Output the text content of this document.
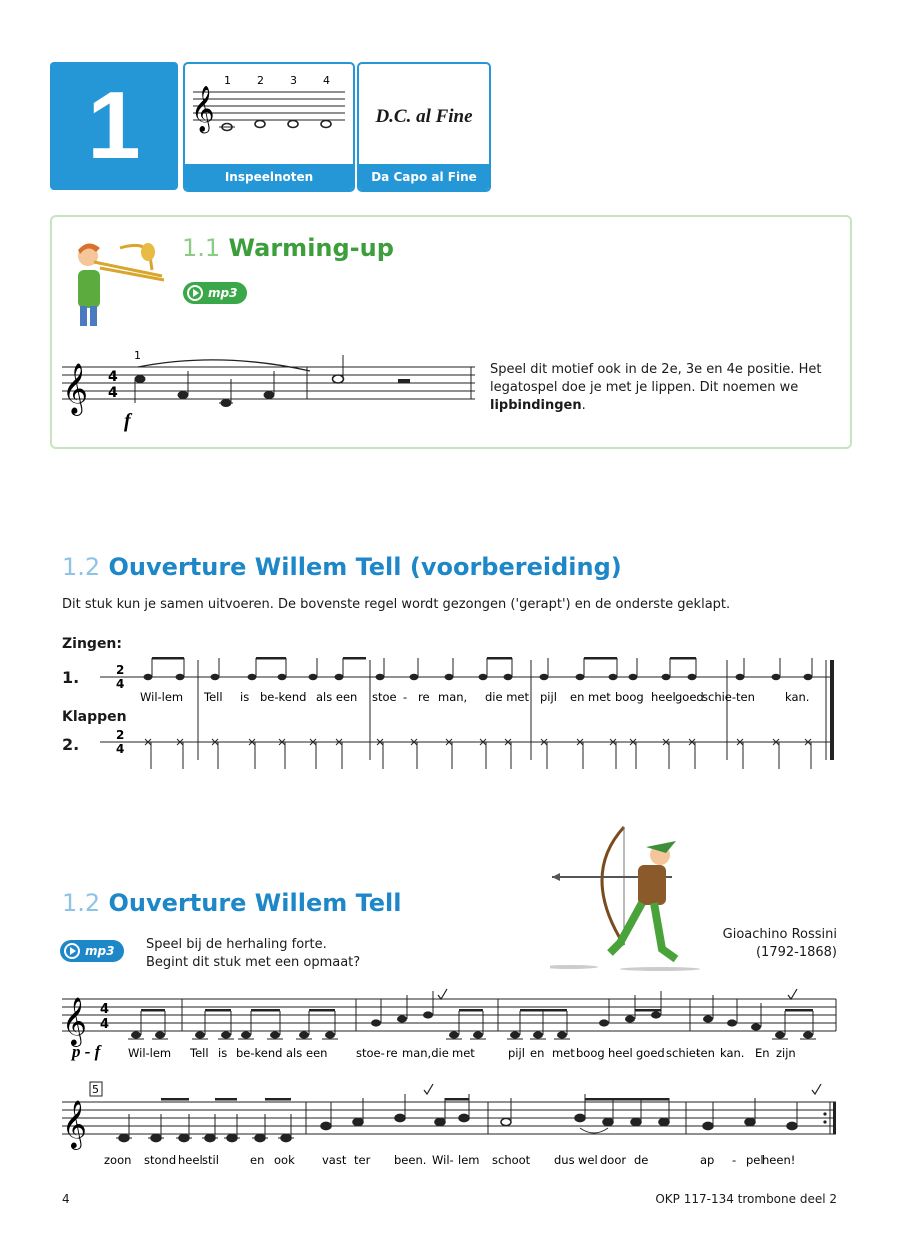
1	𝄞
1 2 3 4
Inspeelnoten
D.C. al Fine
Da Capo al Fine
1.1 Warming-up
mp3
𝄞 4
4
1
f
Speel dit motief ook in de 2e, 3e en 4e positie. Het legatospel doe je met je lippen. Dit noemen we lipbindingen.
1.2 Ouverture Willem Tell (voorbereiding)
Dit stuk kun je samen uitvoeren. De bovenste regel wordt gezongen ('gerapt') en de onderste geklapt.
Zingen:
1.
Klappen
2.
2
4
2
4
Wil-lem Tell is be-kend als een stoe - re man, die met pijl en met boog heel goed
schie-ten	kan.
1.2 Ouverture Willem Tell
mp3 Speel bij de herhaling forte.
Begint dit stuk met een opmaat?
Gioachino Rossini
(1792-1868)
𝄞 4
4
p - f Wil-lem Tell is be-kend als een stoe- re man,die met	pijl en met boog heel goed schie-
ten kan. En zijn
5
𝄞
zoon stond heel stil	en ook vast ter been. Wil- lem schoot dus wel door de	ap - pel
heen!
4	OKP 117-134 trombone deel 2
